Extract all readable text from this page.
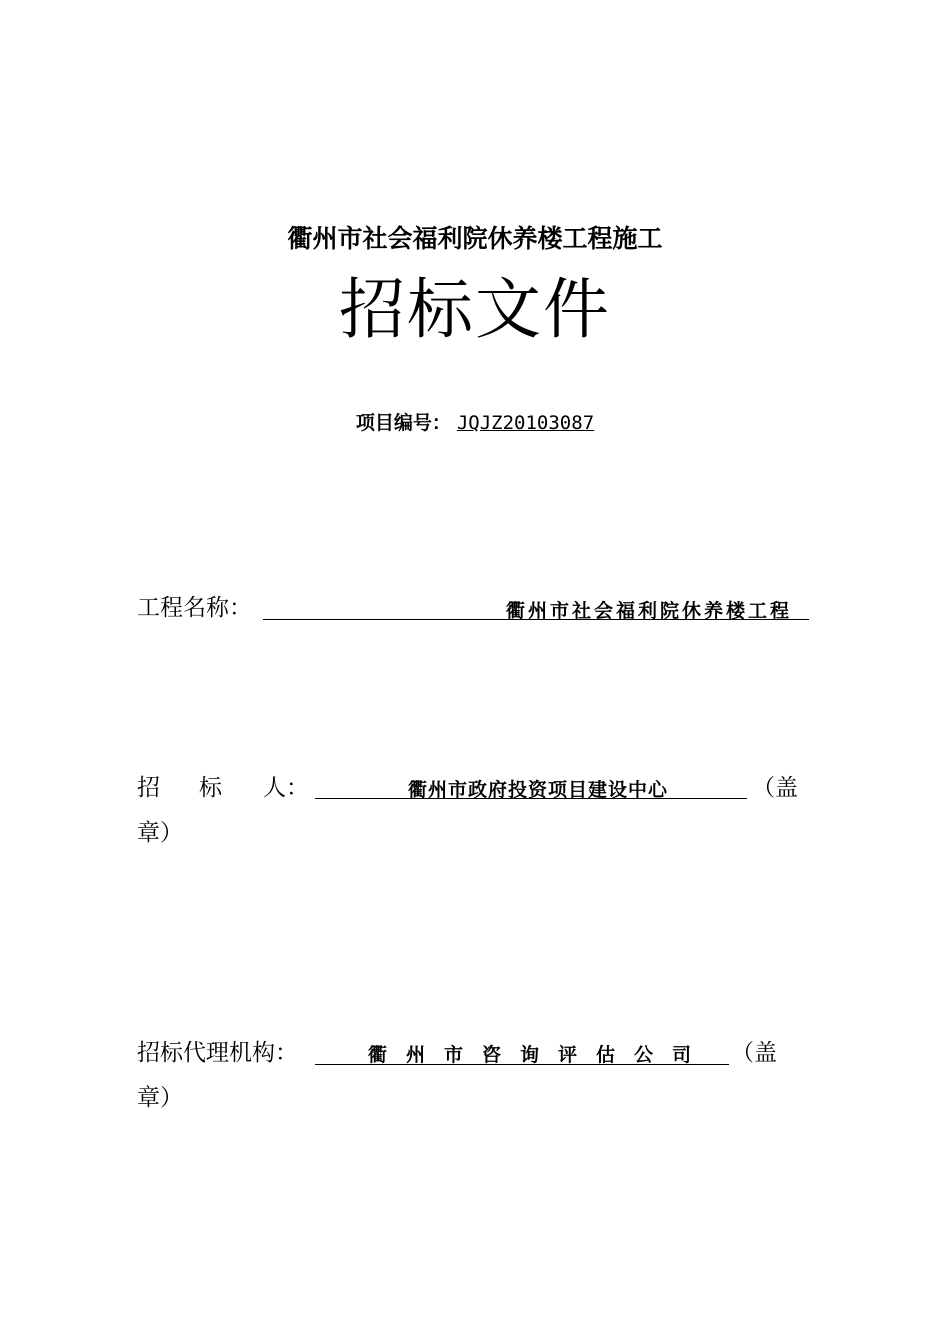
衢州市社会福利院休养楼工程施工
招标文件
项目编号： JQJZ20103087
工程名称：	衢州市社会福利院休养楼工程
招 标 人：	衢州市政府投资项目建设中心	（盖
章）
招标代理机构：	衢州市咨询评估公司 （盖
章）
